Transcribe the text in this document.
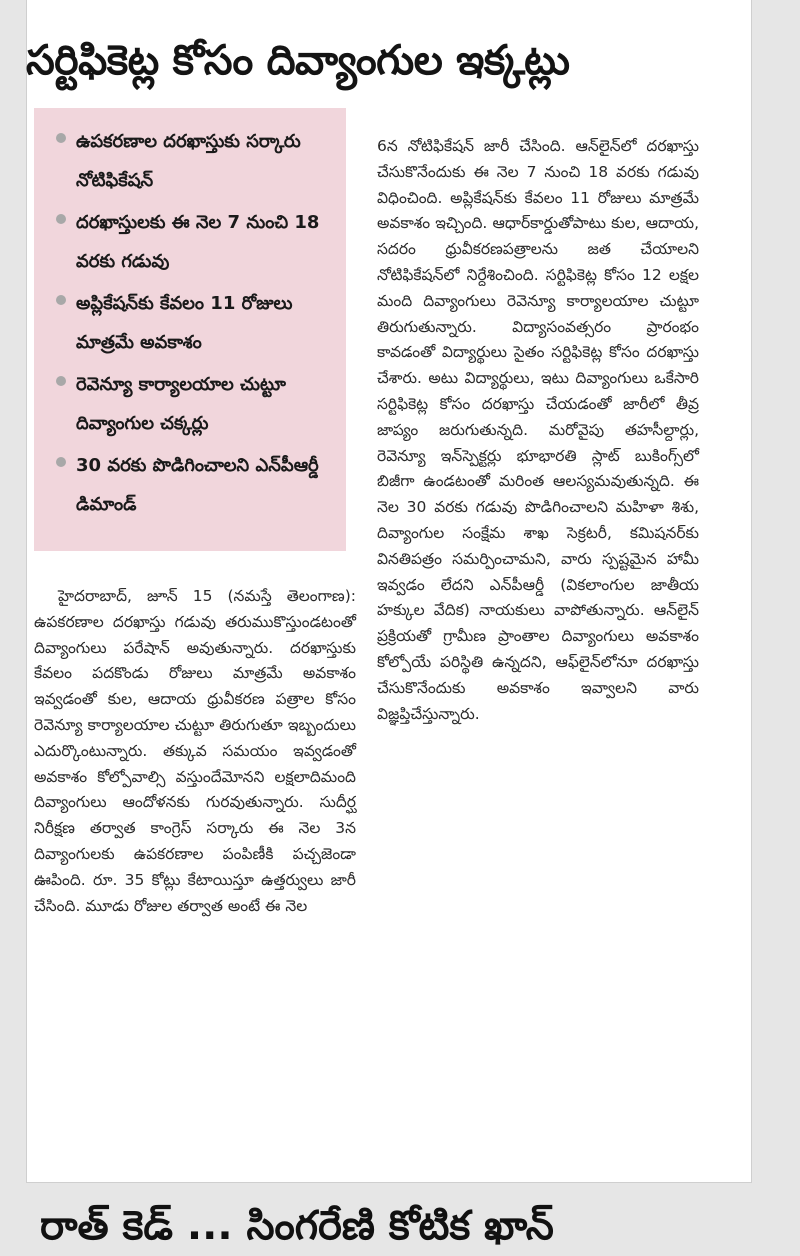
సర్టిఫికెట్ల కోసం దివ్యాంగుల ఇక్కట్లు
ఉపకరణాల దరఖాస్తుకు సర్కారు నోటిఫికేషన్
దరఖాస్తులకు ఈ నెల 7 నుంచి 18 వరకు గడువు
అప్లికేషన్‌కు కేవలం 11 రోజులు మాత్రమే అవకాశం
రెవెన్యూ కార్యాలయాల చుట్టూ దివ్యాంగుల చక్కర్లు
30 వరకు పొడిగించాలని ఎన్‌పీఆర్డీ డిమాండ్

హైదరాబాద్, జూన్ 15 (నమస్తే తెలంగాణ): ఉపకరణాల దరఖాస్తు గడువు తరుముకొస్తుండటంతో దివ్యాంగులు పరేషాన్ అవుతున్నారు. దరఖాస్తుకు కేవలం పదకొండు రోజులు మాత్రమే అవకాశం ఇవ్వడంతో కుల, ఆదాయ ధ్రువీకరణ పత్రాల కోసం రెవెన్యూ కార్యాలయాల చుట్టూ తిరుగుతూ ఇబ్బందులు ఎదుర్కొంటున్నారు. తక్కువ సమయం ఇవ్వడంతో అవకాశం కోల్పోవాల్సి వస్తుందేమోనని లక్షలాదిమంది దివ్యాంగులు ఆందోళనకు గురవుతున్నారు. సుదీర్ఘ నిరీక్షణ తర్వాత కాంగ్రెస్ సర్కారు ఈ నెల 3న దివ్యాంగులకు ఉపకరణాల పంపిణీకి పచ్చజెండా ఊపింది. రూ. 35 కోట్లు కేటాయిస్తూ ఉత్తర్వులు జారీ చేసింది. మూడు రోజుల తర్వాత అంటే ఈ నెల

6న నోటిఫికేషన్ జారీ చేసింది. ఆన్‌లైన్‌లో దరఖాస్తు చేసుకొనేందుకు ఈ నెల 7 నుంచి 18 వరకు గడువు విధించింది. అప్లికేషన్‌కు కేవలం 11 రోజులు మాత్రమే అవకాశం ఇచ్చింది. ఆధార్‌కార్డుతోపాటు కుల, ఆదాయ, సదరం ధ్రువీకరణపత్రాలను జత చేయాలని నోటిఫికేషన్‌లో నిర్దేశించింది. సర్టిఫికెట్ల కోసం 12 లక్షల మంది దివ్యాంగులు రెవెన్యూ కార్యాలయాల చుట్టూ తిరుగుతున్నారు. విద్యాసంవత్సరం ప్రారంభం కావడంతో విద్యార్థులు సైతం సర్టిఫికెట్ల కోసం దరఖాస్తు చేశారు. అటు విద్యార్థులు, ఇటు దివ్యాంగులు ఒకేసారి సర్టిఫికెట్ల కోసం దరఖాస్తు చేయడంతో జారీలో తీవ్ర జాప్యం జరుగుతున్నది. మరోవైపు తహసీల్దార్లు, రెవెన్యూ ఇన్‌స్పెక్టర్లు భూభారతి స్లాట్ బుకింగ్స్‌లో బిజీగా ఉండటంతో మరింత ఆలస్యమవుతున్నది. ఈ నెల 30 వరకు గడువు పొడిగించాలని మహిళా శిశు, దివ్యాంగుల సంక్షేమ శాఖ సెక్రటరీ, కమిషనర్‌కు వినతిపత్రం సమర్పించామని, వారు స్పష్టమైన హామీ ఇవ్వడం లేదని ఎన్‌పీఆర్డీ (వికలాంగుల జాతీయ హక్కుల వేదిక) నాయకులు వాపోతున్నారు. ఆన్‌లైన్ ప్రక్రియతో గ్రామీణ ప్రాంతాల దివ్యాంగులు అవకాశం కోల్పోయే పరిస్థితి ఉన్నదని, ఆఫ్‌లైన్‌లోనూ దరఖాస్తు చేసుకొనేందుకు అవకాశం ఇవ్వాలని వారు విజ్ఞప్తిచేస్తున్నారు.

రాత్ కెడ్ ... సింగరేణి కోటిక ఖాన్
